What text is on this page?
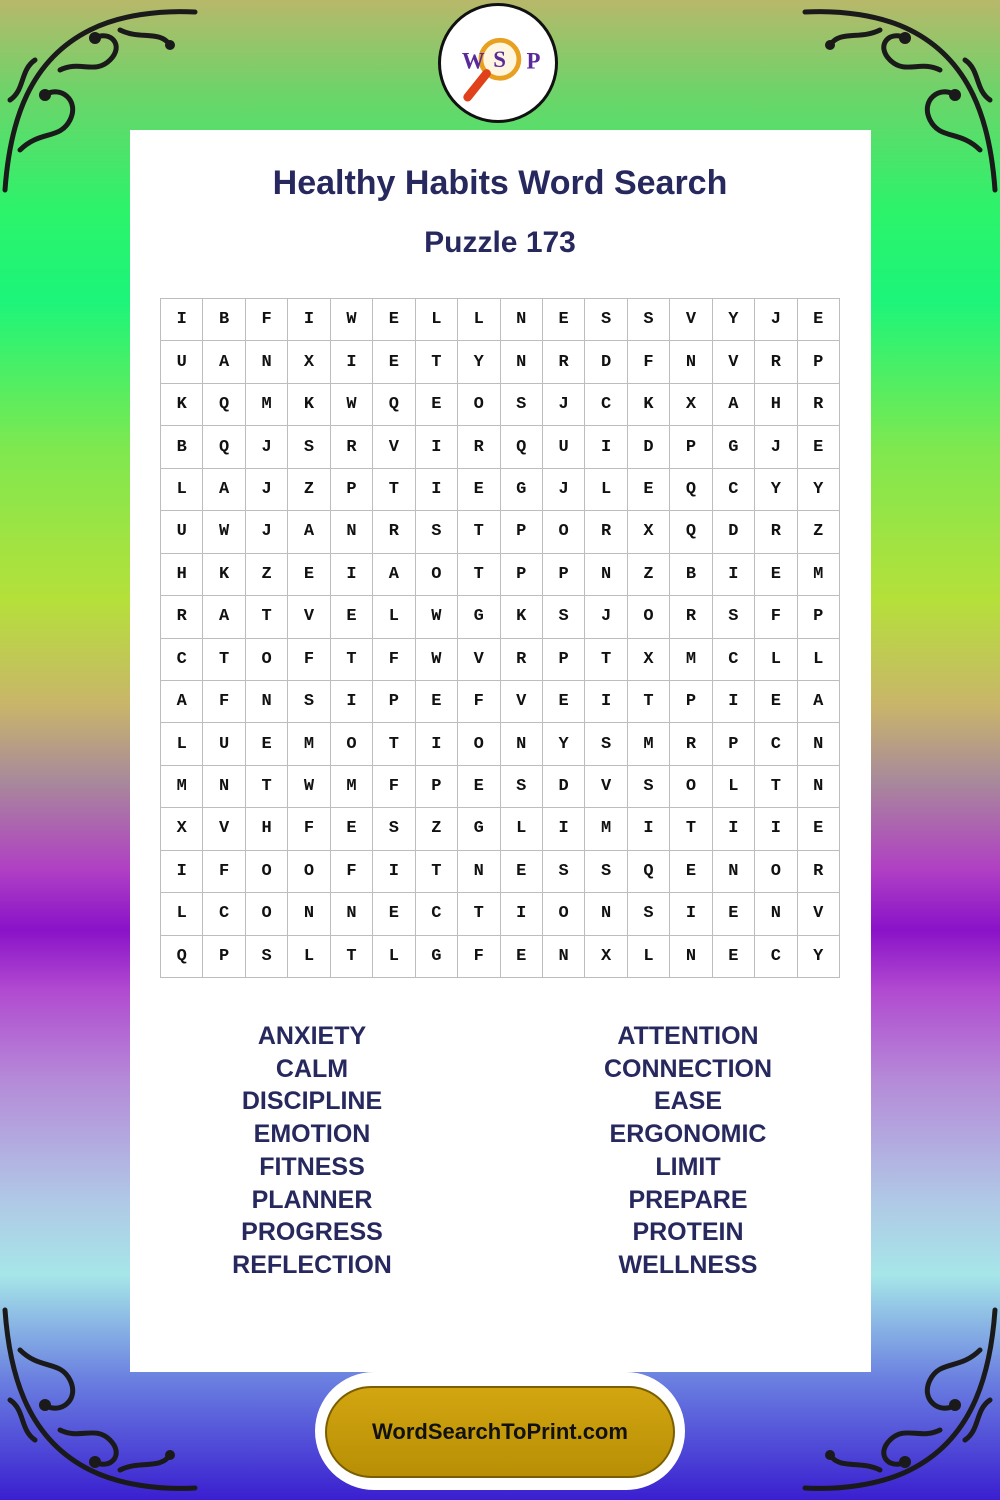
W S P
Healthy Habits Word Search
Puzzle 173
I	B	F	I	W	E	L	L	N	E	S	S	V	Y	J	E
U	A	N	X	I	E	T	Y	N	R	D	F	N	V	R	P
K	Q	M	K	W	Q	E	O	S	J	C	K	X	A	H	R
B	Q	J	S	R	V	I	R	Q	U	I	D	P	G	J	E
L	A	J	Z	P	T	I	E	G	J	L	E	Q	C	Y	Y
U	W	J	A	N	R	S	T	P	O	R	X	Q	D	R	Z
H	K	Z	E	I	A	O	T	P	P	N	Z	B	I	E	M
R	A	T	V	E	L	W	G	K	S	J	O	R	S	F	P
C	T	O	F	T	F	W	V	R	P	T	X	M	C	L	L
A	F	N	S	I	P	E	F	V	E	I	T	P	I	E	A
L	U	E	M	O	T	I	O	N	Y	S	M	R	P	C	N
M	N	T	W	M	F	P	E	S	D	V	S	O	L	T	N
X	V	H	F	E	S	Z	G	L	I	M	I	T	I	I	E
I	F	O	O	F	I	T	N	E	S	S	Q	E	N	O	R
L	C	O	N	N	E	C	T	I	O	N	S	I	E	N	V
Q	P	S	L	T	L	G	F	E	N	X	L	N	E	C	Y
ANXIETY
CALM
DISCIPLINE
EMOTION
FITNESS
PLANNER
PROGRESS
REFLECTION
ATTENTION
CONNECTION
EASE
ERGONOMIC
LIMIT
PREPARE
PROTEIN
WELLNESS
WordSearchToPrint.com
